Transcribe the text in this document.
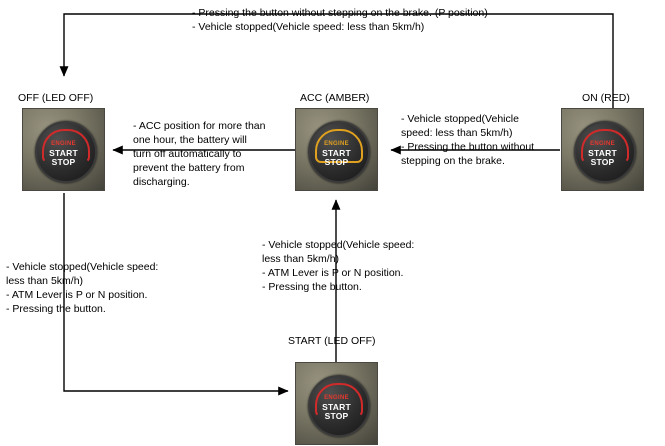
OFF (LED OFF)
ENGINE
START
STOP
ACC (AMBER)
ENGINE
START
STOP
ON (RED)
ENGINE
START
STOP
START (LED OFF)
ENGINE
START
STOP
- Pressing the button without stepping on the brake. (P position)
- Vehicle stopped(Vehicle speed: less than 5km/h)
- ACC position for more than
one hour, the battery will
turn off automatically to
prevent the battery from
discharging.
- Vehicle stopped(Vehicle
speed: less than 5km/h)
- Pressing the button without
stepping on the brake.
- Vehicle stopped(Vehicle speed:
less than 5km/h)
- ATM Lever is P or N position.
- Pressing the button.
- Vehicle stopped(Vehicle speed:
less than 5km/h)
- ATM Lever is P or N position.
- Pressing the button.
